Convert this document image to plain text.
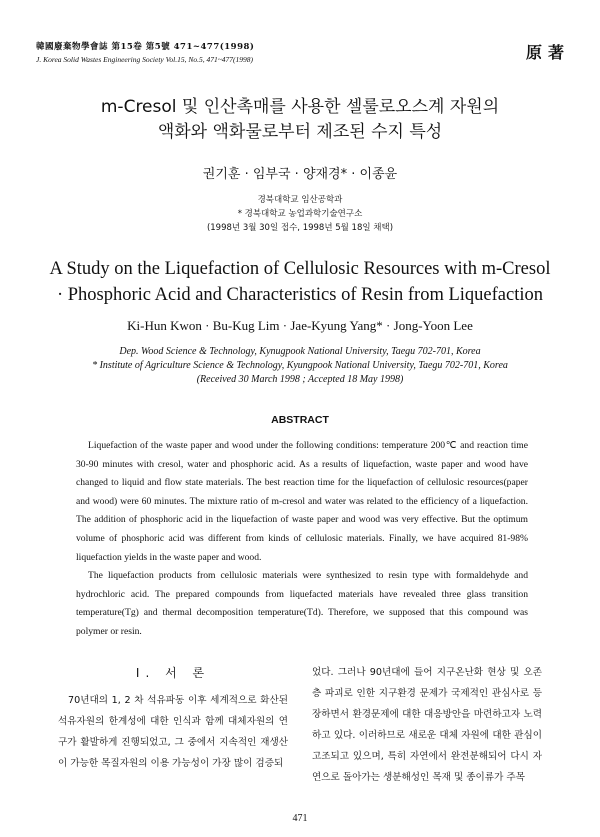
韓國廢棄物學會誌 第15卷 第5號 471~477(1998)
J. Korea Solid Wastes Engineering Society Vol.15, No.5, 471~477(1998)	原著
m-Cresol 및 인산촉매를 사용한 셀룰로오스계 자원의
액화와 액화물로부터 제조된 수지 특성
권기훈 · 임부국 · 양재경* · 이종윤
경북대학교 임산공학과
* 경북대학교 농업과학기술연구소
(1998년 3월 30일 접수, 1998년 5월 18일 채택)
A Study on the Liquefaction of Cellulosic Resources with m-Cresol
· Phosphoric Acid and Characteristics of Resin from Liquefaction
Ki-Hun Kwon · Bu-Kug Lim · Jae-Kyung Yang* · Jong-Yoon Lee
Dep. Wood Science & Technology, Kynugpook National University, Taegu 702-701, Korea
* Institute of Agriculture Science & Technology, Kyungpook National University, Taegu 702-701, Korea
(Received 30 March 1998 ; Accepted 18 May 1998)
ABSTRACT

Liquefaction of the waste paper and wood under the following conditions: temperature 200℃ and reaction time 30-90 minutes with cresol, water and phosphoric acid. As a results of liquefaction, waste paper and wood have changed to liquid and flow state materials. The best reaction time for the liquefaction of cellulosic resources(paper and wood) were 60 minutes. The mixture ratio of m-cresol and water was related to the efficiency of a liquefaction. The addition of phosphoric acid in the liquefaction of waste paper and wood was very effective. But the optimum volume of phosphoric acid was different from kinds of cellulosic materials. Finally, we have acquired 81-98% liquefaction yields in the waste paper and wood.

The liquefaction products from cellulosic materials were synthesized to resin type with formaldehyde and hydrochloric acid. The prepared compounds from liquefacted materials have revealed three glass transition temperature(Tg) and thermal decomposition temperature(Td). Therefore, we supposed that this compound was polymer or resin.

I. 서 론

70년대의 1, 2 차 석유파동 이후 세계적으로 화산된 석유자원의 한계성에 대한 인식과 함께 대체자원의 연구가 활발하게 진행되었고, 그 중에서 지속적인 재생산이 가능한 목질자원의 이용 가능성이 가장 많이 검증되

었다. 그러나 90년대에 들어 지구온난화 현상 및 오존층 파괴로 인한 지구환경 문제가 국제적인 관심사로 등장하면서 환경문제에 대한 대응방안을 마련하고자 노력하고 있다. 이러하므로 새로운 대체 자원에 대한 관심이 고조되고 있으며, 특히 자연에서 완전분해되어 다시 자연으로 돌아가는 생분해성인 목재 및 종이류가 주목

471
